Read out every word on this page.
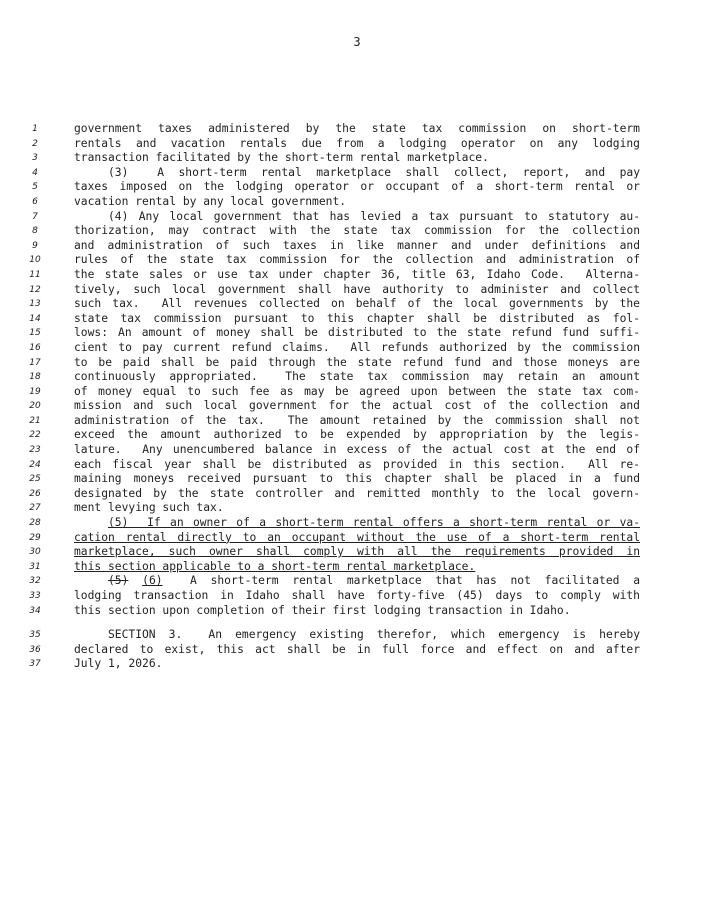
3
1	government taxes administered by the state tax commission on short-term
2	rentals and vacation rentals due from a lodging operator on any lodging
3	transaction facilitated by the short-term rental marketplace.
4	(3)  A short-term rental marketplace shall collect, report, and pay
5	taxes imposed on the lodging operator or occupant of a short-term rental or
6	vacation rental by any local government.
7	(4) Any local government that has levied a tax pursuant to statutory au-
8	thorization, may contract with the state tax commission for the collection
9	and administration of such taxes in like manner and under definitions and
10	rules of the state tax commission for the collection and administration of
11	the state sales or use tax under chapter 36, title 63, Idaho Code.  Alterna-
12	tively, such local government shall have authority to administer and collect
13	such tax.  All revenues collected on behalf of the local governments by the
14	state tax commission pursuant to this chapter shall be distributed as fol-
15	lows: An amount of money shall be distributed to the state refund fund suffi-
16	cient to pay current refund claims.  All refunds authorized by the commission
17	to be paid shall be paid through the state refund fund and those moneys are
18	continuously appropriated.  The state tax commission may retain an amount
19	of money equal to such fee as may be agreed upon between the state tax com-
20	mission and such local government for the actual cost of the collection and
21	administration of the tax.  The amount retained by the commission shall not
22	exceed the amount authorized to be expended by appropriation by the legis-
23	lature.  Any unencumbered balance in excess of the actual cost at the end of
24	each fiscal year shall be distributed as provided in this section.  All re-
25	maining moneys received pursuant to this chapter shall be placed in a fund
26	designated by the state controller and remitted monthly to the local govern-
27	ment levying such tax.
28	(5)  If an owner of a short-term rental offers a short-term rental or va-
29	cation rental directly to an occupant without the use of a short-term rental
30	marketplace, such owner shall comply with all the requirements provided in
31	this section applicable to a short-term rental marketplace.
32	(5) (6)  A short-term rental marketplace that has not facilitated a
33	lodging transaction in Idaho shall have forty-five (45) days to comply with
34	this section upon completion of their first lodging transaction in Idaho.
35	SECTION 3.  An emergency existing therefor, which emergency is hereby
36	declared to exist, this act shall be in full force and effect on and after
37	July 1, 2026.
